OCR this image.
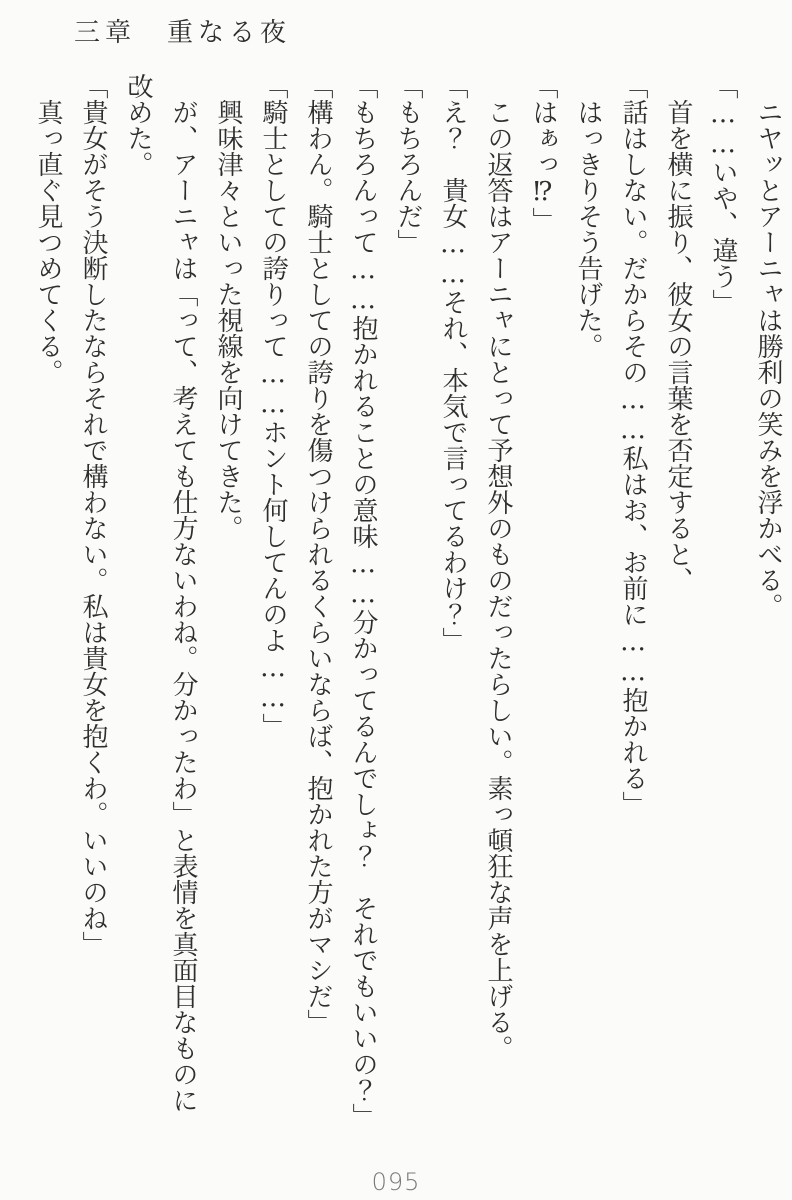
三章　重なる夜

ニヤッとアーニャは勝利の笑みを浮かべる。

「……いや、違う」

首を横に振り、彼女の言葉を否定すると、

「話はしない。だからその……私はお、お前に……抱かれる」

はっきりそう告げた。

「はぁっ⁉」

この返答はアーニャにとって予想外のものだったらしい。素っ頓狂な声を上げる。

「え？　貴女……それ、本気で言ってるわけ？」

「もちろんだ」

「もちろんって……抱かれることの意味……分かってるんでしょ？　それでもいいの？」

「構わん。騎士としての誇りを傷つけられるくらいならば、抱かれた方がマシだ」

「騎士としての誇りって……ホント何してんのよ……」

興味津々といった視線を向けてきた。

が、アーニャは「って、考えても仕方ないわね。分かったわ」と表情を真面目なものに改めた。

「貴女がそう決断したならそれで構わない。私は貴女を抱くわ。いいのね」

真っ直ぐ見つめてくる。

095
